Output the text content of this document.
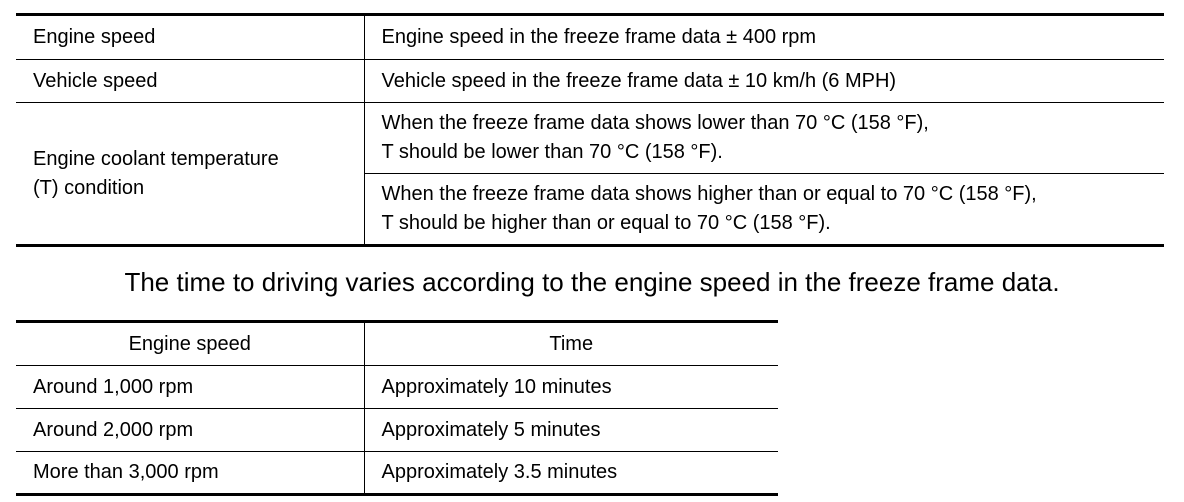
Engine speed	Engine speed in the freeze frame data ± 400 rpm
Vehicle speed	Vehicle speed in the freeze frame data ± 10 km/h (6 MPH)

Engine coolant temperature
(T) condition	When the freeze frame data shows lower than 70 °C (158 °F),
T should be lower than 70 °C (158 °F).

	When the freeze frame data shows higher than or equal to 70 °C (158 °F),
T should be higher than or equal to 70 °C (158 °F).

The time to driving varies according to the engine speed in the freeze frame data.

Engine speed	Time
Around 1,000 rpm	Approximately 10 minutes
Around 2,000 rpm	Approximately 5 minutes
More than 3,000 rpm	Approximately 3.5 minutes
